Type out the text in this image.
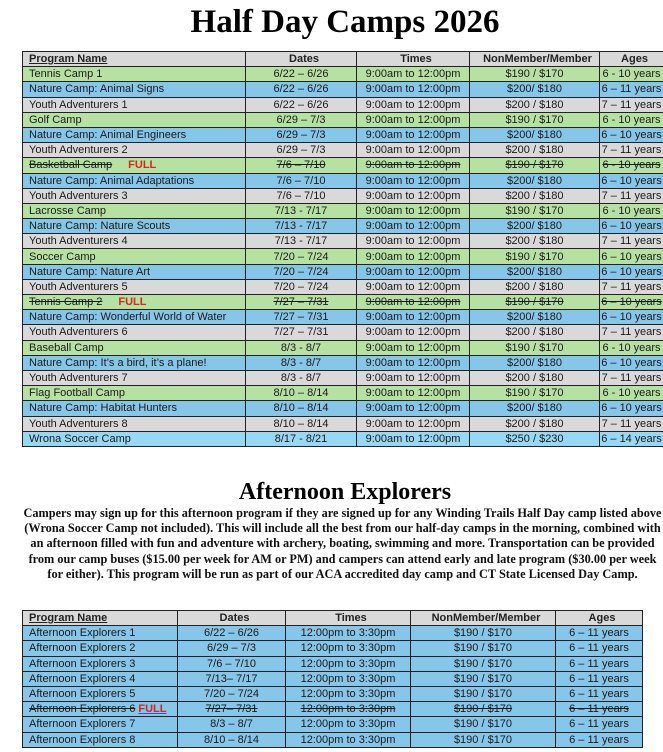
Half Day Camps 2026
Program Name	Dates	Times	NonMember/Member	Ages
Tennis Camp 1	6/22 – 6/26	9:00am to 12:00pm	$190 / $170	6 - 10 years
Nature Camp: Animal Signs	6/22 – 6/26	9:00am to 12:00pm	$200/ $180	6 – 11 years
Youth Adventurers 1	6/22 – 6/26	9:00am to 12:00pm	$200 / $180	7 – 11 years
Golf Camp	6/29 – 7/3	9:00am to 12:00pm	$190 / $170	6 - 10 years
Nature Camp: Animal Engineers	6/29 – 7/3	9:00am to 12:00pm	$200/ $180	6 – 10 years
Youth Adventurers 2	6/29 – 7/3	9:00am to 12:00pm	$200 / $180	7 – 11 years
Basketball Camp FULL	7/6 – 7/10	9:00am to 12:00pm	$190 / $170	6 - 10 years
Nature Camp: Animal Adaptations	7/6 – 7/10	9:00am to 12:00pm	$200/ $180	6 – 10 years
Youth Adventurers 3	7/6 – 7/10	9:00am to 12:00pm	$200 / $180	7 – 11 years
Lacrosse Camp	7/13 - 7/17	9:00am to 12:00pm	$190 / $170	6 - 10 years
Nature Camp: Nature Scouts	7/13 - 7/17	9:00am to 12:00pm	$200/ $180	6 – 10 years
Youth Adventurers 4	7/13 - 7/17	9:00am to 12:00pm	$200 / $180	7 – 11 years
Soccer Camp	7/20 – 7/24	9:00am to 12:00pm	$190 / $170	6 – 10 years
Nature Camp: Nature Art	7/20 – 7/24	9:00am to 12:00pm	$200/ $180	6 – 10 years
Youth Adventurers 5	7/20 – 7/24	9:00am to 12:00pm	$200 / $180	7 – 11 years
Tennis Camp 2 FULL	7/27 – 7/31	9:00am to 12:00pm	$190 / $170	6 – 10 years
Nature Camp: Wonderful World of Water	7/27 – 7/31	9:00am to 12:00pm	$200/ $180	6 – 10 years
Youth Adventurers 6	7/27 – 7/31	9:00am to 12:00pm	$200 / $180	7 – 11 years
Baseball Camp	8/3 - 8/7	9:00am to 12:00pm	$190 / $170	6 - 10 years
Nature Camp: It’s a bird, it’s a plane!	8/3 - 8/7	9:00am to 12:00pm	$200/ $180	6 – 10 years
Youth Adventurers 7	8/3 - 8/7	9:00am to 12:00pm	$200 / $180	7 – 11 years
Flag Football Camp	8/10 – 8/14	9:00am to 12:00pm	$190 / $170	6 - 10 years
Nature Camp: Habitat Hunters	8/10 – 8/14	9:00am to 12:00pm	$200/ $180	6 – 10 years
Youth Adventurers 8	8/10 – 8/14	9:00am to 12:00pm	$200 / $180	7 – 11 years
Wrona Soccer Camp	8/17 - 8/21	9:00am to 12:00pm	$250 / $230	6 – 14 years
Afternoon Explorers
Campers may sign up for this afternoon program if they are signed up for any Winding Trails Half Day camp listed above (Wrona Soccer Camp not included). This will include all the best from our half-day camps in the morning, combined with an afternoon filled with fun and adventure with archery, boating, swimming and more. Transportation can be provided from our camp buses ($15.00 per week for AM or PM) and campers can attend early and late program ($30.00 per week for either). This program will be run as part of our ACA accredited day camp and CT State Licensed Day Camp.
Program Name	Dates	Times	NonMember/Member	Ages
Afternoon Explorers 1	6/22 – 6/26	12:00pm to 3:30pm	$190 / $170	6 – 11 years
Afternoon Explorers 2	6/29 – 7/3	12:00pm to 3:30pm	$190 / $170	6 – 11 years
Afternoon Explorers 3	7/6 – 7/10	12:00pm to 3:30pm	$190 / $170	6 – 11 years
Afternoon Explorers 4	7/13– 7/17	12:00pm to 3:30pm	$190 / $170	6 – 11 years
Afternoon Explorers 5	7/20 – 7/24	12:00pm to 3:30pm	$190 / $170	6 – 11 years
Afternoon Explorers 6 FULL	7/27– 7/31	12:00pm to 3:30pm	$190 / $170	6 – 11 years
Afternoon Explorers 7	8/3 – 8/7	12:00pm to 3:30pm	$190 / $170	6 – 11 years
Afternoon Explorers 8	8/10 – 8/14	12:00pm to 3:30pm	$190 / $170	6 – 11 years
